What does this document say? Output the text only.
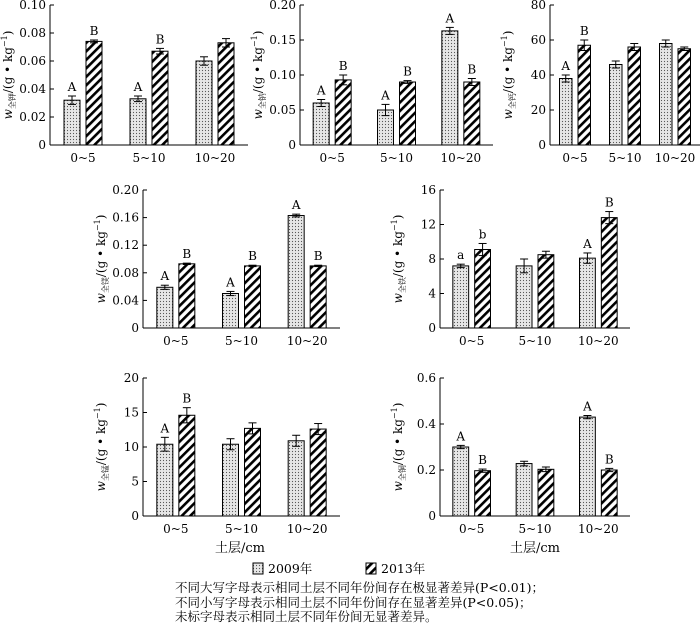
0
0.02
0.04
0.06
0.08
0.10
$w_{全钾}/(g$ • $kg^{-1}$)
0~5
A
B
5~10
A
B
10~20
0
0.05
0.10
0.15
0.20
$w_{全钠}/(g$ • $kg^{-1}$)
0~5
A
B
5~10
A
B
10~20
A
B
0
20
40
60
80
$w_{全钙}/(g$ • $kg^{-1}$)
0~5
A
B
5~10 10~20
0
0.04
0.08
0.12
0.16
0.20
$w_{全镁}/(g$ • $kg^{-1}$)
0~5
A
B
5~10
A
B
10~20
A
B
0
4
8
12
16
$w_{全铁}/(g$ • $kg^{-1}$)
0~5
a
b
5~10 10~20
A
B
0
5
10
15
20
$w_{全锰}/(g$ • $kg^{-1}$)
0~5
A
B
5~10 10~20
0
0.2
0.4
0.6
$w_{全铜}/(g$ • $kg^{-1}$)
0~5
A
B
5~10 10~20
A
B
土层/cm	土层/cm
2009年	2013年
不同大写字母表示相同土层不同年份间存在极显著差异(P<0.01)；
不同小写字母表示相同土层不同年份间存在显著差异(P<0.05)；
未标字母表示相同土层不同年份间无显著差异。
